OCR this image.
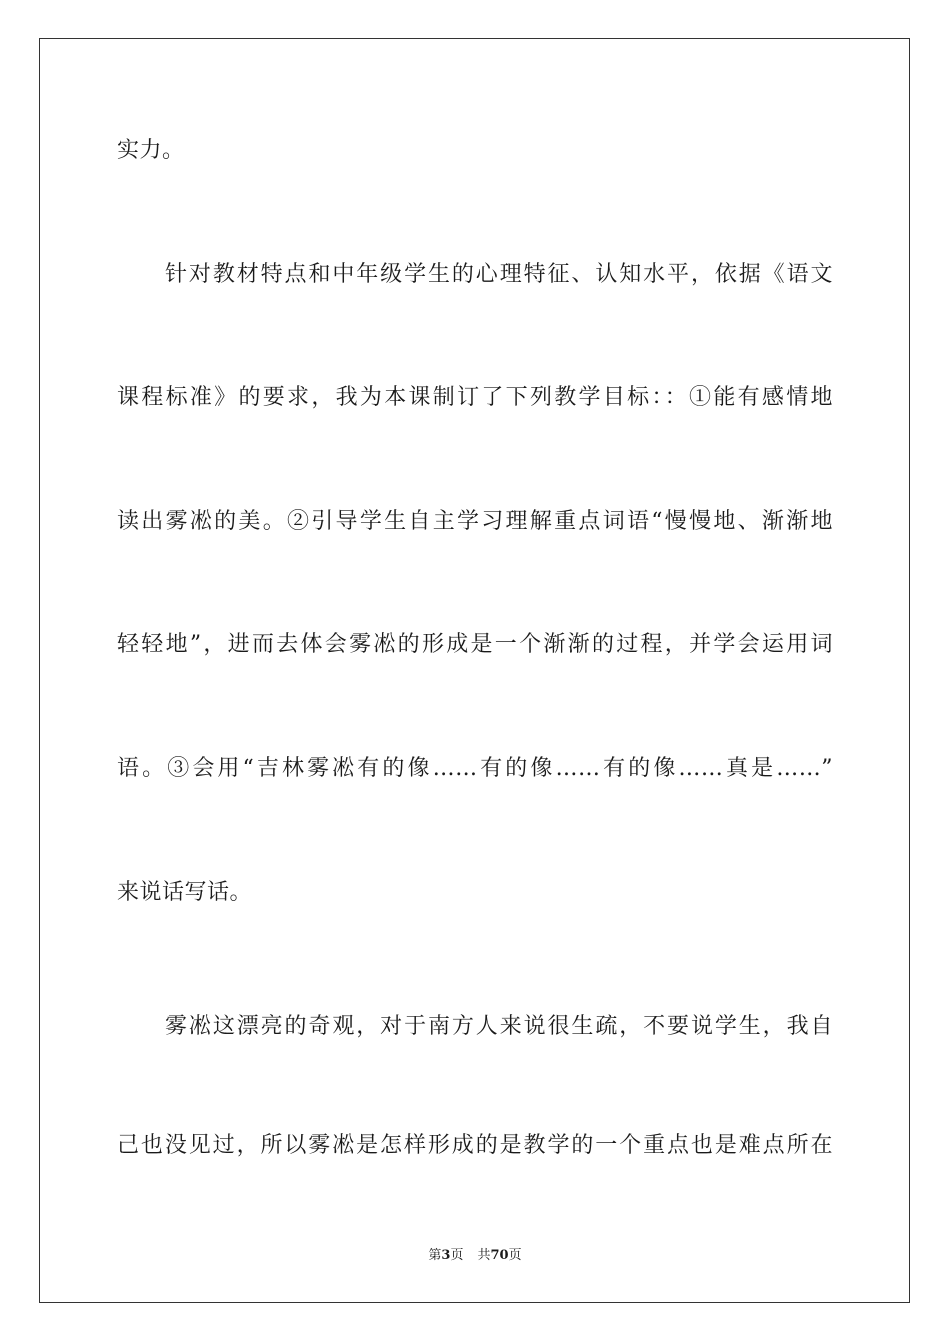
实力。
针对教材特点和中年级学生的心理特征、认知水平，依据《语文
课程标准》的要求，我为本课制订了下列教学目标：：①能有感情地
读出雾凇的美。②引导学生自主学习理解重点词语“慢慢地、渐渐地
轻轻地”，进而去体会雾凇的形成是一个渐渐的过程，并学会运用词
语。③会用“吉林雾凇有的像……有的像……有的像……真是……”
来说话写话。
雾凇这漂亮的奇观，对于南方人来说很生疏，不要说学生，我自
己也没见过，所以雾凇是怎样形成的是教学的一个重点也是难点所在
第3页 共70页
